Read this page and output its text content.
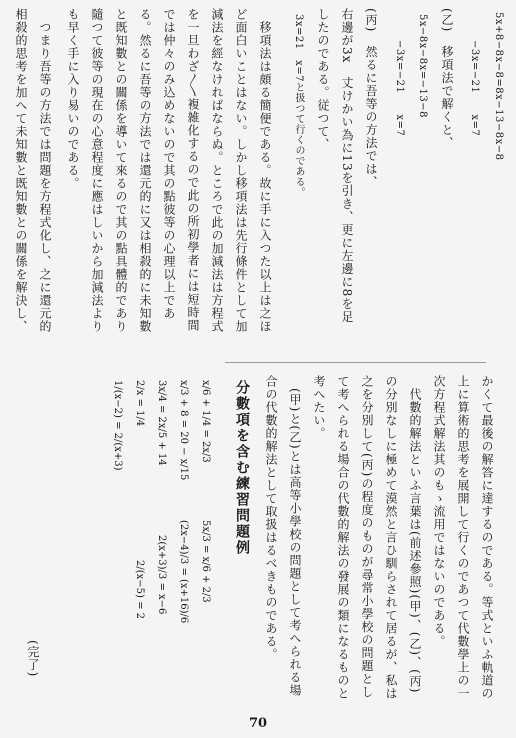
5x+8−8x−8=8x−13−8x−8
−3x=−21　　x=7
(乙)　移項法で解くと、
5x−8x−8x=−13−8
−3x=−21　　x=7
(丙)　然るに吾等の方法では、
右邊が3x　丈けかい為に13を引き、更に左邊に8を足
したのである。従つて、
3x=21　x=7と扱つて行くのである。
　移項法は頗る簡便である。故に手に入つた以上は之ほ
ど面白いことはない。しかし移項法は先行條件として加
減法を經なければならぬ。ところで此の加減法は方程式
を一旦わざ〳〵複雑化するので此の所初學者には短時間
では仲々のみ込めないので其の點彼等の心理以上であ
る。然るに吾等の方法では還元的に又は相殺的に未知數
と既知數との關係を導いて來るので其の點具體的であり
隨つて彼等の現在の心意程度に應はしいから加減法より
も早く手に入り易いのである。
　つまり吾等の方法では問題を方程式化し、之に還元的
相殺的思考を加へて未知數と既知數との關係を解決し、
かくて最後の解答に達するのである。等式といふ軌道の
上に算術的思考を展開して行くのであつて代數學上の一
次方程式解法其のもゝ流用ではないのである。
　代數的解法といふ言葉は(前述參照)(甲)、(乙)、(丙)
の分別なしに極めて漠然と言ひ馴らされて居るが、私は
之を分別して(丙)の程度のものが尋常小學校の問題とし
て考へられる場合の代數的解法の發展の類になるものと
考へたい。
　(甲)と(乙)とは高等小學校の問題として考へられる場
合の代數的解法として取扱はるべきものである。
分數項を含む練習問題例
x/6 + 1/4 = 2x/3
x/3 + 8 = 20 − x/15
3x/4 = 2x/5 + 14
2/x = 1/4
1/(x−2) = 2/(x+3)
5x/3 = x/6 + 2/3
(2x−4)/3 = (x+16)/6
2/(x−5) = 2 2(x+3)/3 = x−6
(完了)
70
